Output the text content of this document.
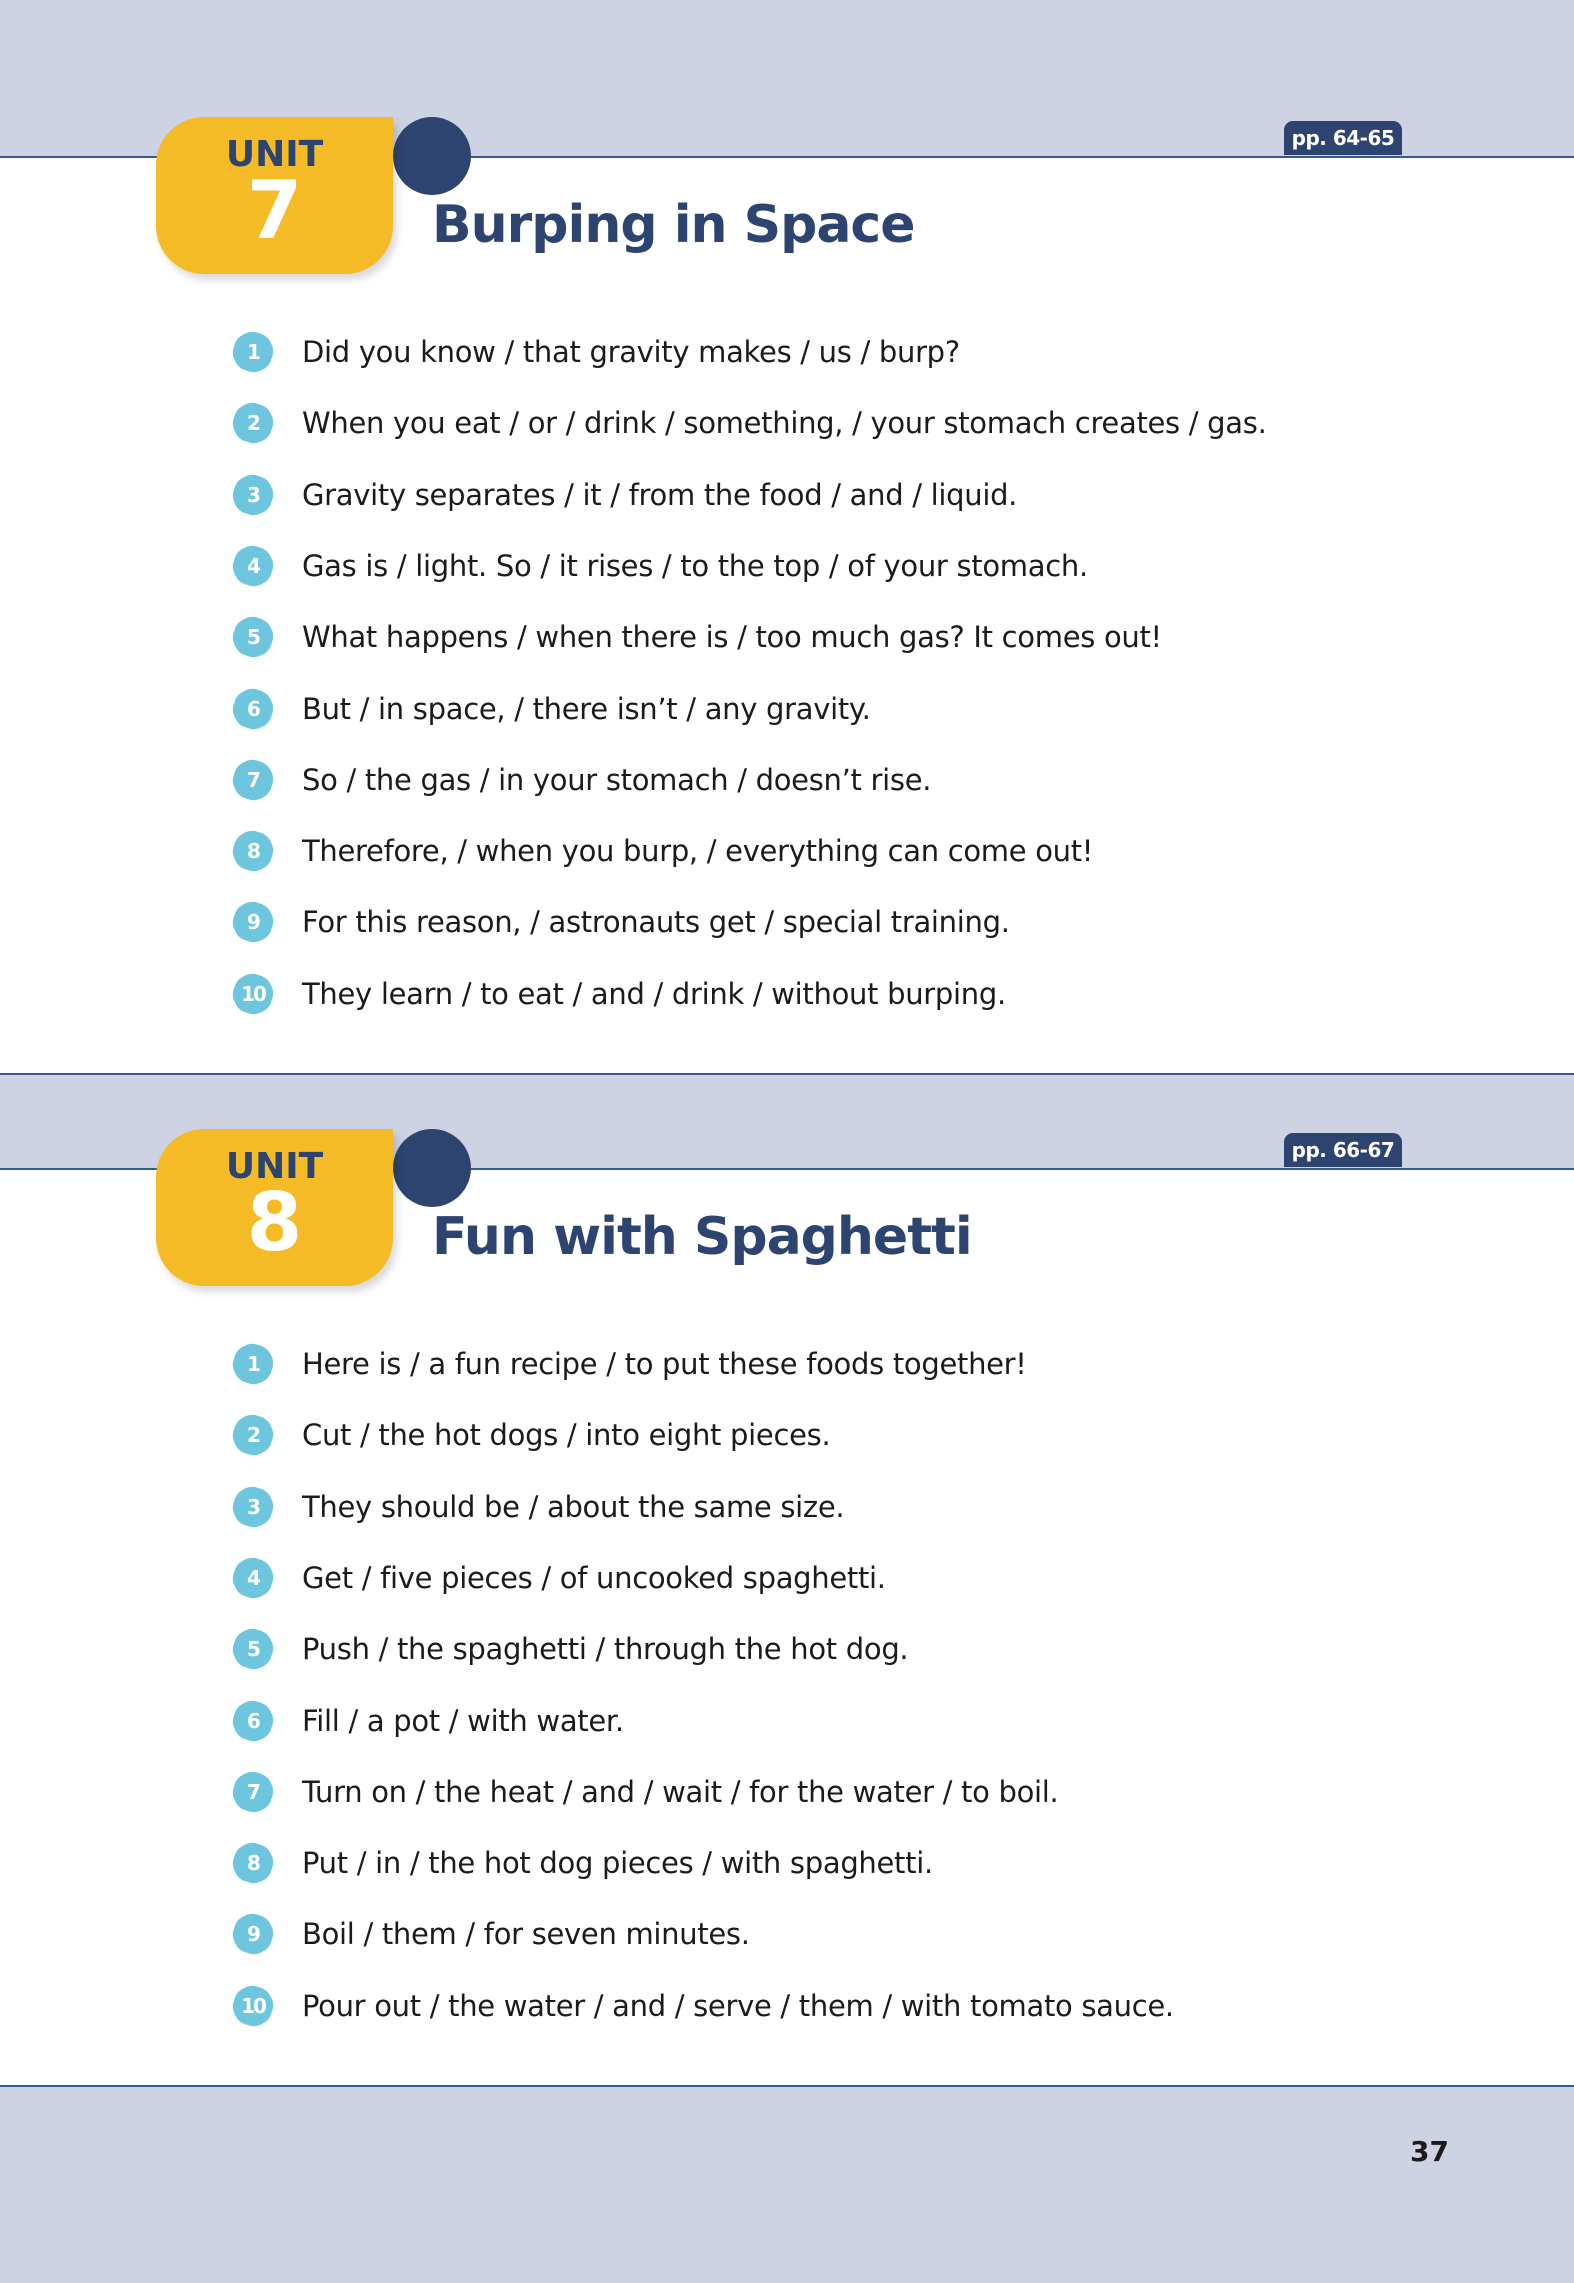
UNIT
7	Burping in Space
pp. 64-65
1	Did you know / that gravity makes / us / burp?
2	When you eat / or / drink / something, / your stomach creates / gas.
3	Gravity separates / it / from the food / and / liquid.
4	Gas is / light. So / it rises / to the top / of your stomach.
5	What happens / when there is / too much gas? It comes out!
6	But / in space, / there isn’t / any gravity.
7	So / the gas / in your stomach / doesn’t rise.
8	Therefore, / when you burp, / everything can come out!
9	For this reason, / astronauts get / special training.
10 They learn / to eat / and / drink / without burping.
UNIT
8	Fun with Spaghetti
pp. 66-67
1	Here is / a fun recipe / to put these foods together!
2	Cut / the hot dogs / into eight pieces.
3	They should be / about the same size.
4	Get / five pieces / of uncooked spaghetti.
5	Push / the spaghetti / through the hot dog.
6	Fill / a pot / with water.
7	Turn on / the heat / and / wait / for the water / to boil.
8	Put / in / the hot dog pieces / with spaghetti.
9	Boil / them / for seven minutes.
10 Pour out / the water / and / serve / them / with tomato sauce.
37
